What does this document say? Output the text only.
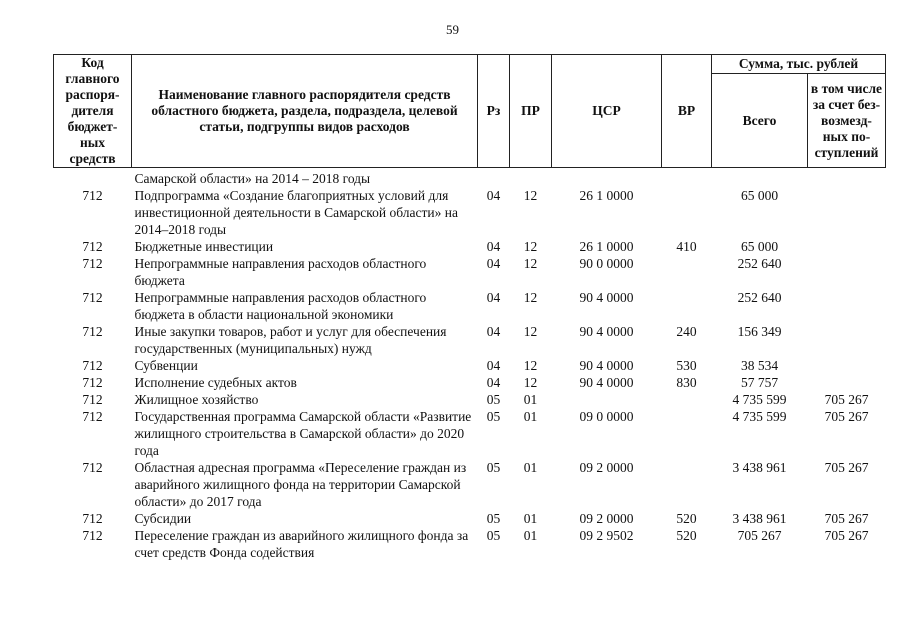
59
Код главного распоря-дителя бюджет-ных средств	Наименование главного распорядителя средств областного бюджета, раздела, подраздела, целевой статьи, подгруппы видов расходов	Рз	ПР	ЦСР	ВР	Сумма, тыс. рублей	
						Всего	в том числе за счет без-возмезд-ных по-ступлений
	Самарской области» на 2014 – 2018 годы						
712	Подпрограмма «Создание благоприятных условий для инвестиционной деятельности в Самарской области» на 2014–2018 годы	04	12	26 1 0000		65 000	
712	Бюджетные инвестиции	04	12	26 1 0000	410	65 000	
712	Непрограммные направления расходов областного бюджета	04	12	90 0 0000		252 640	
712	Непрограммные направления расходов областного бюджета в области национальной экономики	04	12	90 4 0000		252 640	
712	Иные закупки товаров, работ и услуг для обеспечения государственных (муниципальных) нужд	04	12	90 4 0000	240	156 349	
712	Субвенции	04	12	90 4 0000	530	38 534	
712	Исполнение судебных актов	04	12	90 4 0000	830	57 757	
712	Жилищное хозяйство	05	01			4 735 599	705 267
712	Государственная программа Самарской области «Развитие жилищного строительства в Самарской области» до 2020 года	05	01	09 0 0000		4 735 599	705 267
712	Областная адресная программа «Переселение граждан из аварийного жилищного фонда на территории Самарской области» до 2017 года	05	01	09 2 0000		3 438 961	705 267
712	Субсидии	05	01	09 2 0000	520	3 438 961	705 267
712	Переселение граждан из аварийного жилищного фонда за счет средств Фонда содействия	05	01	09 2 9502	520	705 267	705 267
